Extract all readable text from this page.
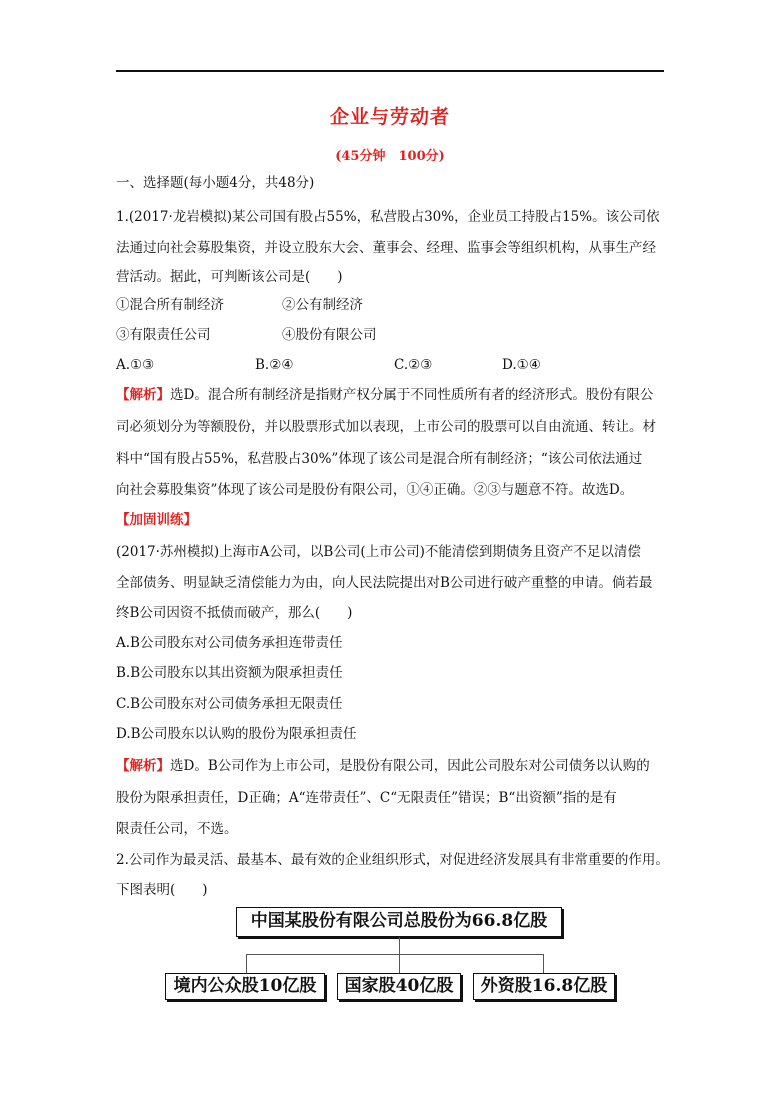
企业与劳动者
(45分钟　100分)
一、选择题(每小题4分，共48分)
1.(2017·龙岩模拟)某公司国有股占55%，私营股占30%，企业员工持股占15%。该公司依
法通过向社会募股集资，并设立股东大会、董事会、经理、监事会等组织机构，从事生产经
营活动。据此，可判断该公司是(　　)
①混合所有制经济	②公有制经济
③有限责任公司	④股份有限公司
A.①③	B.②④	C.②③	D.①④
【解析】选D。混合所有制经济是指财产权分属于不同性质所有者的经济形式。股份有限公
司必须划分为等额股份，并以股票形式加以表现，上市公司的股票可以自由流通、转让。材
料中“国有股占55%，私营股占30%”体现了该公司是混合所有制经济；“该公司依法通过
向社会募股集资”体现了该公司是股份有限公司，①④正确。②③与题意不符。故选D。
【加固训练】
(2017·苏州模拟)上海市A公司，以B公司(上市公司)不能清偿到期债务且资产不足以清偿
全部债务、明显缺乏清偿能力为由，向人民法院提出对B公司进行破产重整的申请。倘若最
终B公司因资不抵债而破产，那么(　　)
A.B公司股东对公司债务承担连带责任
B.B公司股东以其出资额为限承担责任
C.B公司股东对公司债务承担无限责任
D.B公司股东以认购的股份为限承担责任
【解析】选D。B公司作为上市公司，是股份有限公司，因此公司股东对公司债务以认购的
股份为限承担责任，D正确；A“连带责任”、C“无限责任”错误；B“出资额”指的是有
限责任公司，不选。
2.公司作为最灵活、最基本、最有效的企业组织形式，对促进经济发展具有非常重要的作用。
下图表明(　　)
中国某股份有限公司总股份为66.8亿股
境内公众股10亿股	国家股40亿股	外资股16.8亿股
